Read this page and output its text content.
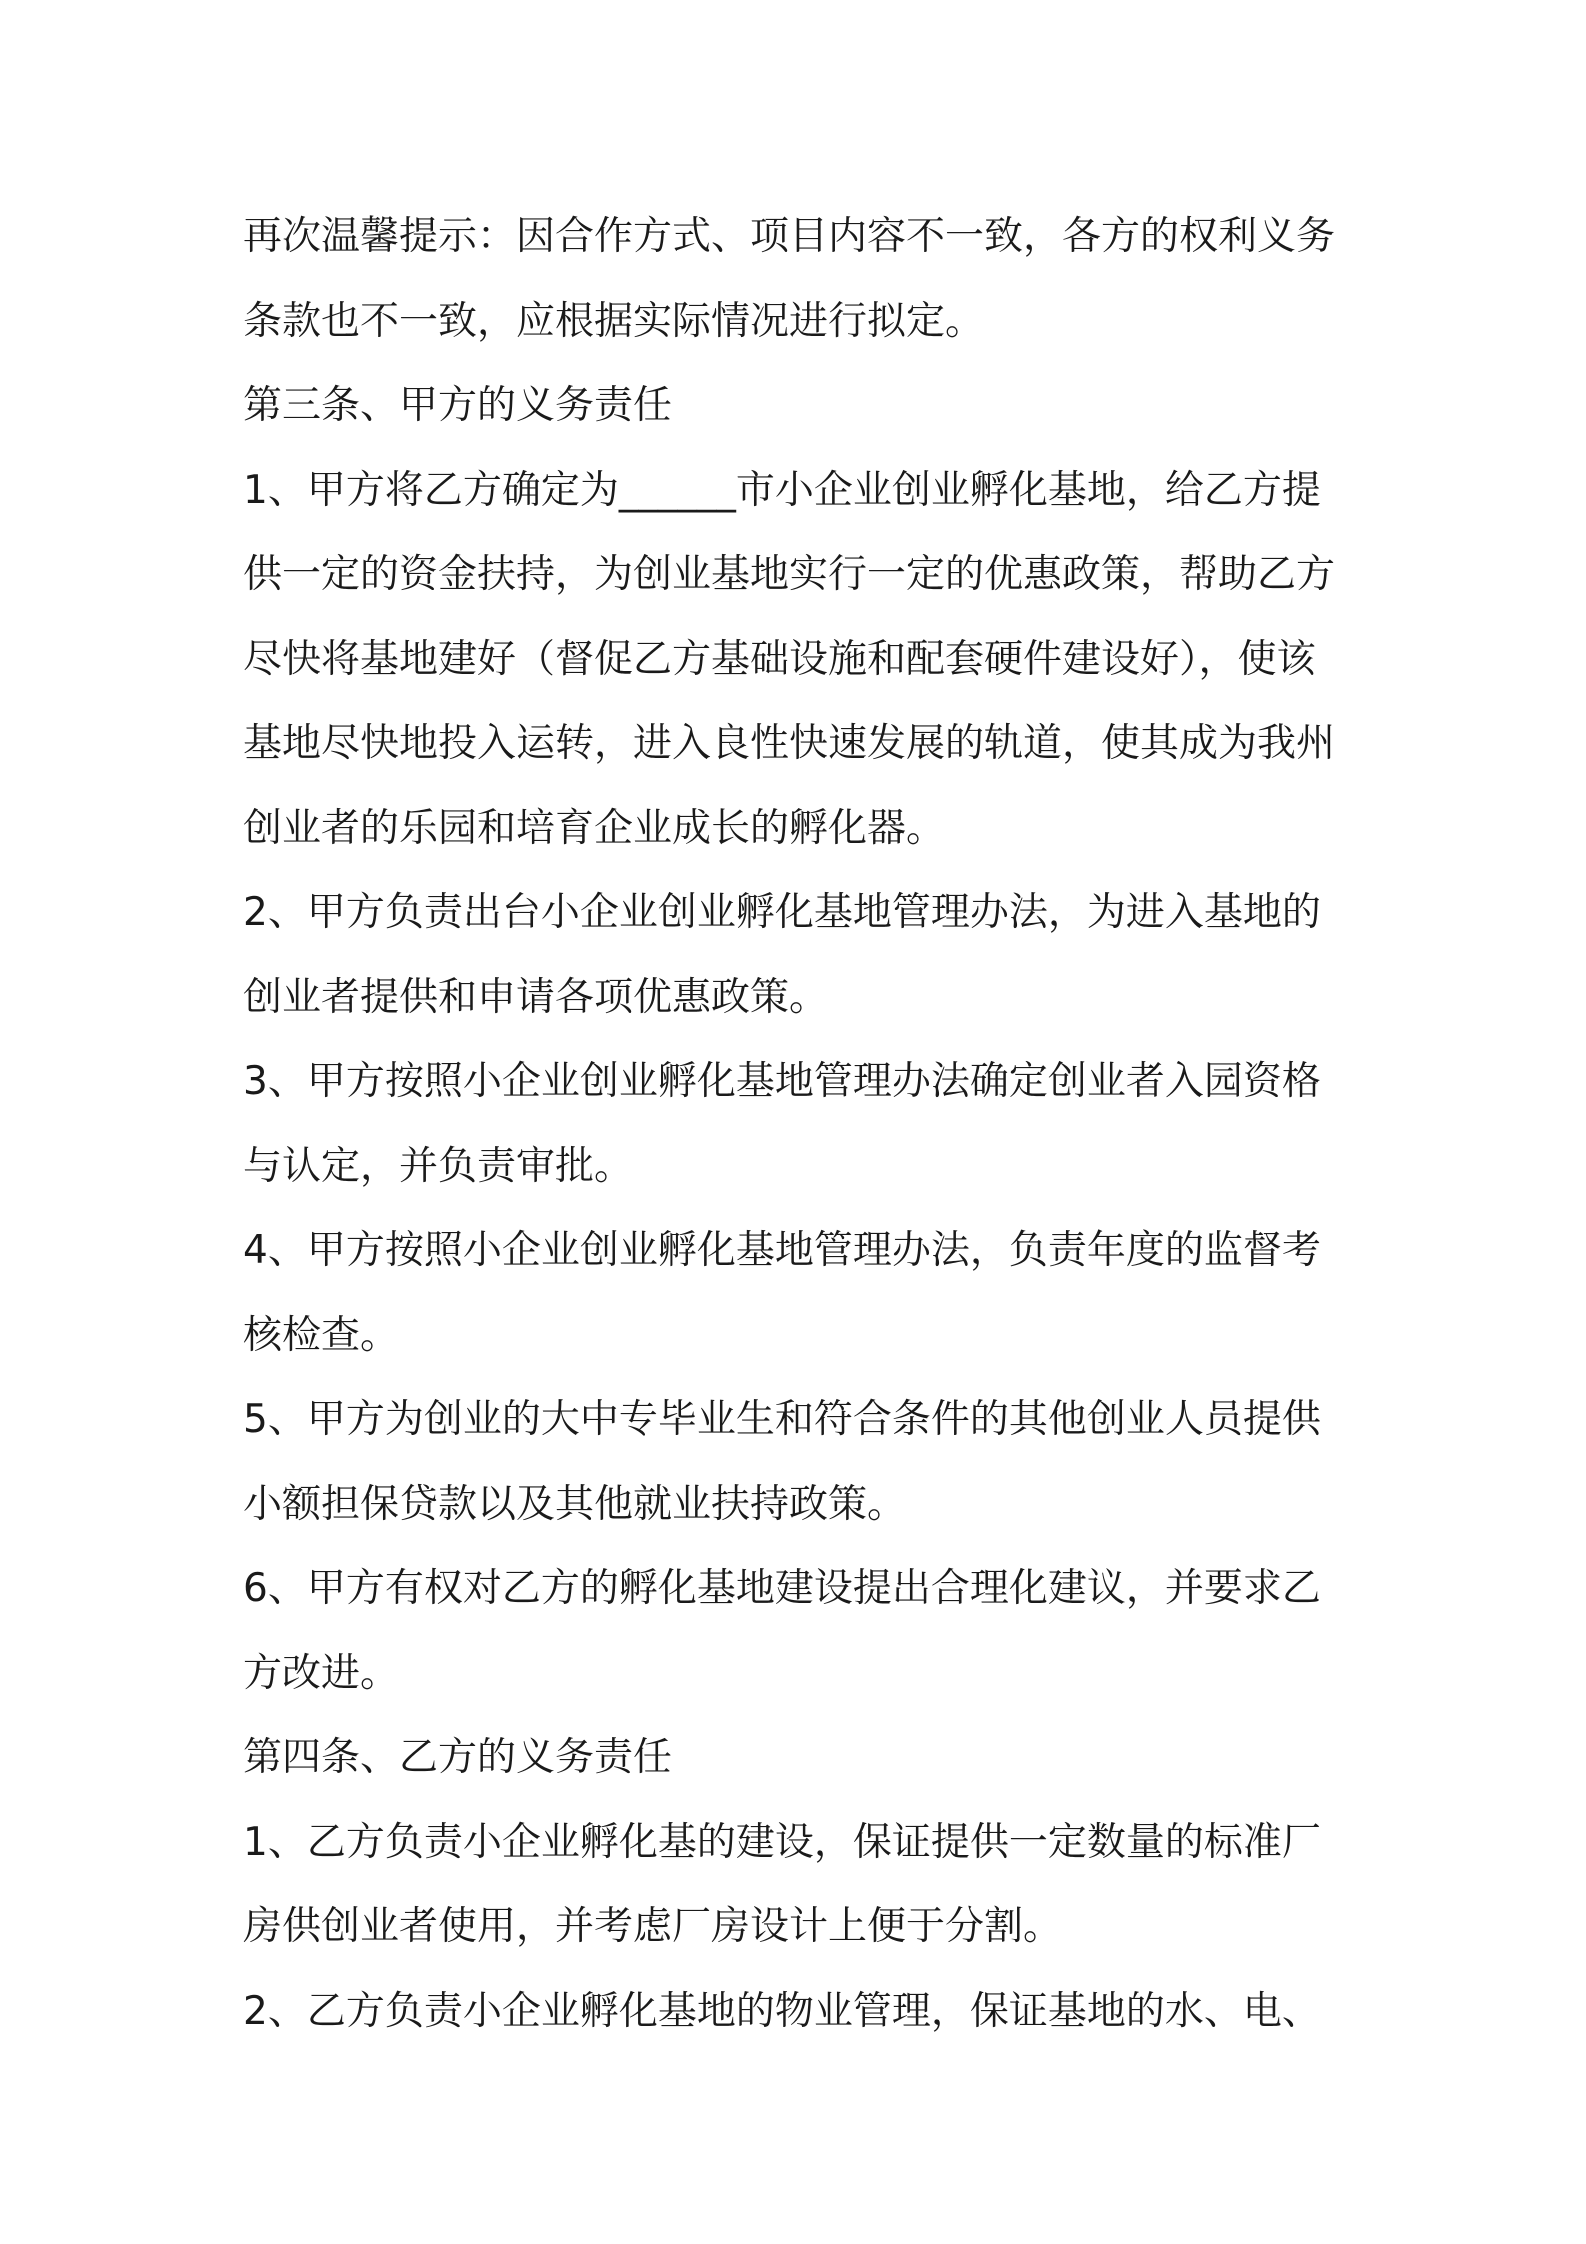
再次温馨提示：因合作方式、项目内容不一致，各方的权利义务
条款也不一致，应根据实际情况进行拟定。
第三条、甲方的义务责任
1、甲方将乙方确定为______市小企业创业孵化基地，给乙方提
供一定的资金扶持，为创业基地实行一定的优惠政策，帮助乙方
尽快将基地建好（督促乙方基础设施和配套硬件建设好），使该
基地尽快地投入运转，进入良性快速发展的轨道，使其成为我州
创业者的乐园和培育企业成长的孵化器。
2、甲方负责出台小企业创业孵化基地管理办法，为进入基地的
创业者提供和申请各项优惠政策。
3、甲方按照小企业创业孵化基地管理办法确定创业者入园资格
与认定，并负责审批。
4、甲方按照小企业创业孵化基地管理办法，负责年度的监督考
核检查。
5、甲方为创业的大中专毕业生和符合条件的其他创业人员提供
小额担保贷款以及其他就业扶持政策。
6、甲方有权对乙方的孵化基地建设提出合理化建议，并要求乙
方改进。
第四条、乙方的义务责任
1、乙方负责小企业孵化基的建设，保证提供一定数量的标准厂
房供创业者使用，并考虑厂房设计上便于分割。
2、乙方负责小企业孵化基地的物业管理，保证基地的水、电、
